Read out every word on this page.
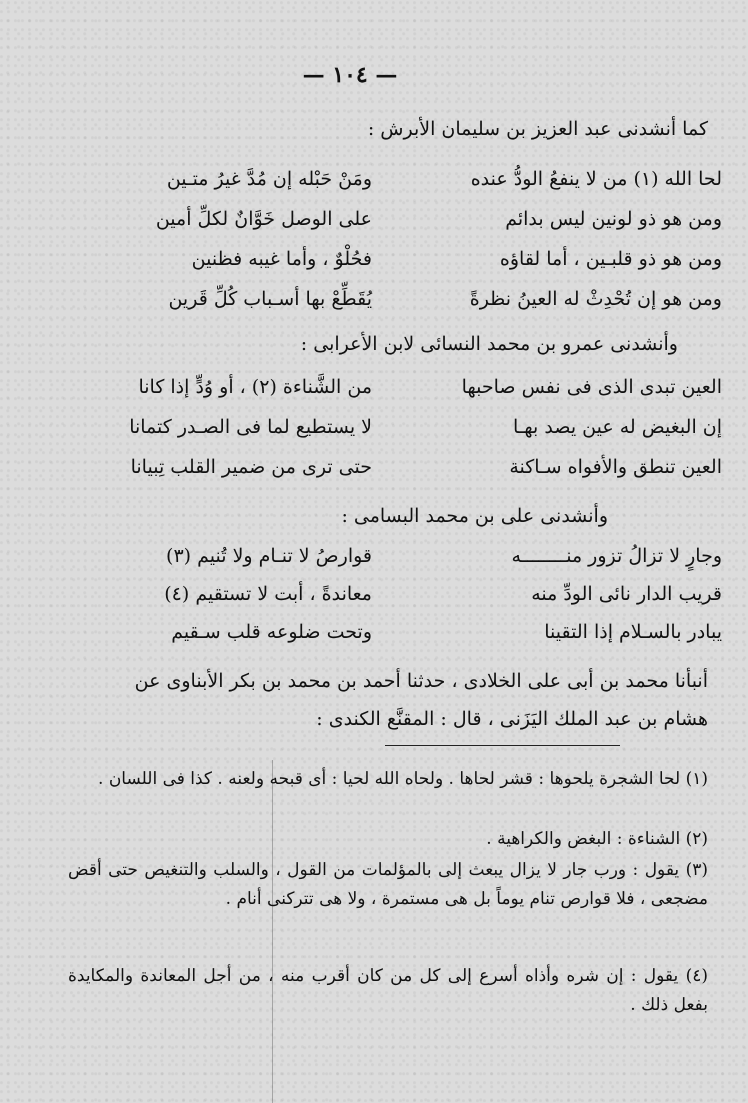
— ١٠٤ —
كما أنشدنى عبد العزيز بن سليمان الأبرش :
لحا الله (١) من لا ينفعُ الودُّ عنده
ومَنْ حَبْله إن مُدَّ غيرُ متـين
ومن هو ذو لونين ليس بدائم
على الوصل خَوَّانٌ لكلِّ أمين
ومن هو ذو قلبـين ، أما لقاؤه
فحُلْوٌ ، وأما غيبه فظنين
ومن هو إن تُحْدِثْ له العينُ نظرةً
يُقَطِّعْ بها أسـباب كُلِّ قَرين
وأنشدنى عمرو بن محمد النسائى لابن الأعرابى :
العين تبدى الذى فى نفس صاحبها
من الشَّناءة (٢) ، أو وُدٍّ إذا كانا
إن البغيض له عين يصد بهـا
لا يستطيع لما فى الصـدر كتمانا
العين تنطق والأفواه سـاكنة
حتى ترى من ضمير القلب تِبيانا
وأنشدنى على بن محمد البسامى :
وجارٍ لا تزالُ تزور منــــــــه
قوارصُ لا تنـام ولا تُنيم (٣)
قريب الدار نائى الودِّ منه
معاندةً ، أبت لا تستقيم (٤)
يبادر بالسـلام إذا التقينا
وتحت ضلوعه قلب سـقيم
أنبأنا محمد بن أبى على الخلادى ، حدثنا أحمد بن محمد بن بكر الأبناوى عن
هشام بن عبد الملك اليَزَنى ، قال : المقنَّع الكندى :
(١) لحا الشجرة يلحوها : قشر لحاها . ولحاه الله لحيا : أى قبحه ولعنه . كذا فى اللسان .
(٢) الشناءة : البغض والكراهية .
(٣) يقول : ورب جار لا يزال يبعث إلى بالمؤلمات من القول ، والسلب والتنغيص حتى أقض مضجعى ، فلا قوارص تنام يوماً بل هى مستمرة ، ولا هى تتركنى أنام .
(٤) يقول : إن شره وأذاه أسرع إلى كل من كان أقرب منه ، من أجل المعاندة والمكايدة بفعل ذلك .
